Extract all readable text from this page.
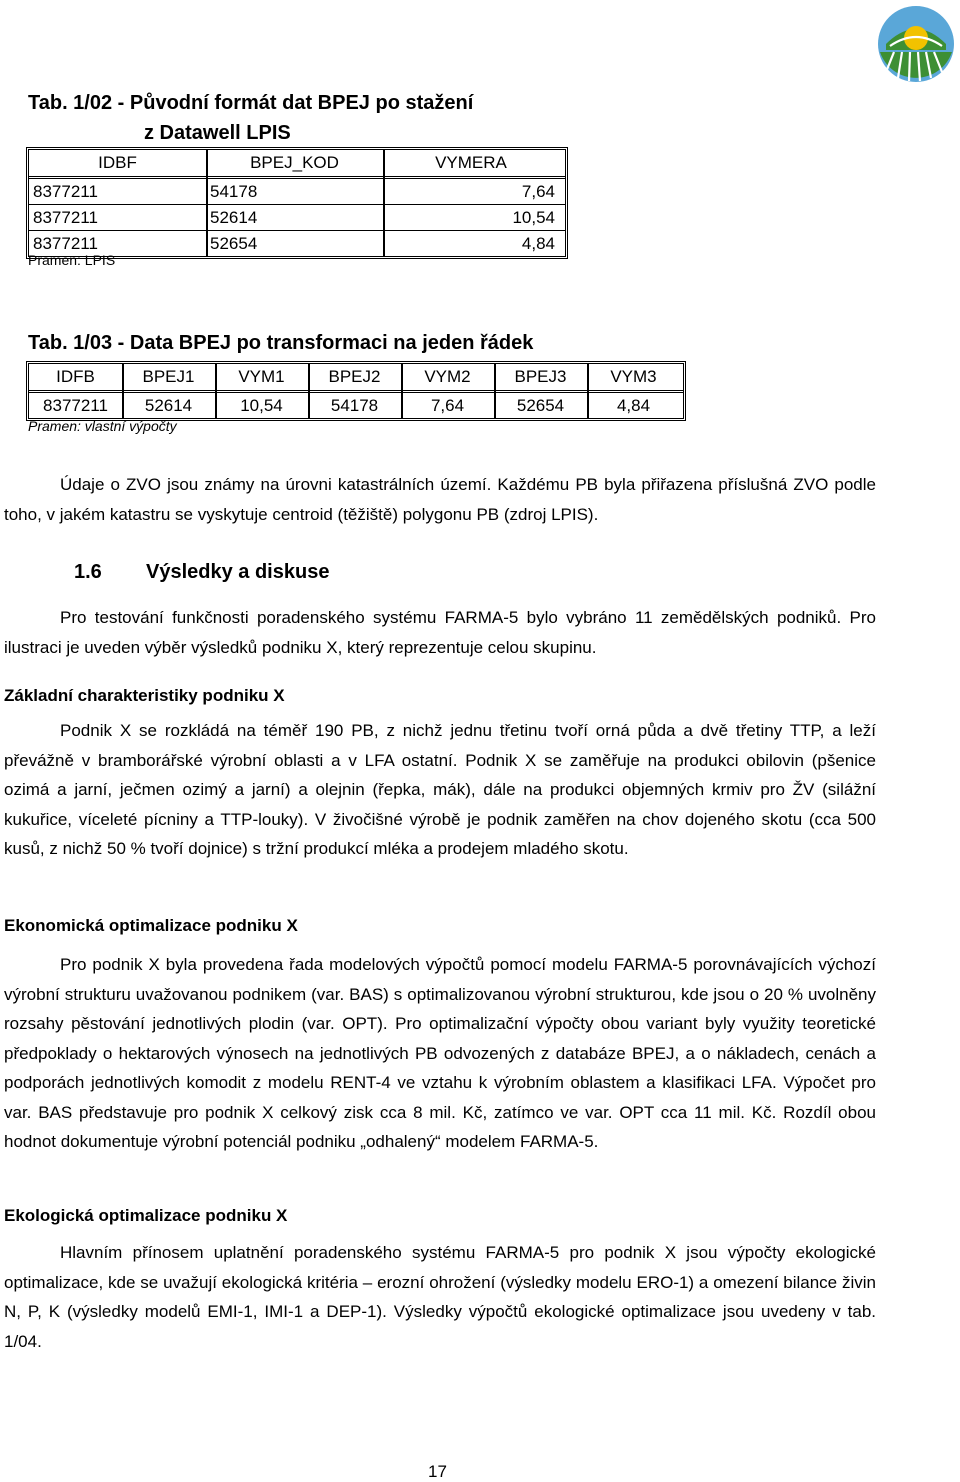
Tab. 1/02 - Původní formát dat BPEJ po stažení
z Datawell LPIS
IDBF	BPEJ_KOD	VYMERA
8377211	54178	7,64
8377211	52614	10,54
8377211	52654	4,84
Pramen: LPIS
Tab. 1/03 - Data BPEJ po transformaci na jeden řádek
IDFB	BPEJ1	VYM1	BPEJ2	VYM2	BPEJ3	VYM3
8377211	52614	10,54	54178	7,64	52654	4,84
Pramen: vlastní výpočty
Údaje o ZVO jsou známy na úrovni katastrálních území. Každému PB byla přiřazena příslušná ZVO podle toho, v jakém katastru se vyskytuje centroid (těžiště) polygonu PB (zdroj LPIS).
1.6 Výsledky a diskuse
Pro testování funkčnosti poradenského systému FARMA-5 bylo vybráno 11 zemědělských podniků. Pro ilustraci je uveden výběr výsledků podniku X, který reprezentuje celou skupinu.
Základní charakteristiky podniku X
Podnik X se rozkládá na téměř 190 PB, z nichž jednu třetinu tvoří orná půda a dvě třetiny TTP, a leží převážně v bramborářské výrobní oblasti a v LFA ostatní. Podnik X se zaměřuje na produkci obilovin (pšenice ozimá a jarní, ječmen ozimý a jarní) a olejnin (řepka, mák), dále na produkci objemných krmiv pro ŽV (silážní kukuřice, víceleté pícniny a TTP-louky). V živočišné výrobě je podnik zaměřen na chov dojeného skotu (cca 500 kusů, z nichž 50 % tvoří dojnice) s tržní produkcí mléka a prodejem mladého skotu.
Ekonomická optimalizace podniku X
Pro podnik X byla provedena řada modelových výpočtů pomocí modelu FARMA-5 porovnávajících výchozí výrobní strukturu uvažovanou podnikem (var. BAS) s optimalizovanou výrobní strukturou, kde jsou o 20 % uvolněny rozsahy pěstování jednotlivých plodin (var. OPT). Pro optimalizační výpočty obou variant byly využity teoretické předpoklady o hektarových výnosech na jednotlivých PB odvozených z databáze BPEJ, a o nákladech, cenách a podporách jednotlivých komodit z modelu RENT-4 ve vztahu k výrobním oblastem a klasifikaci LFA. Výpočet pro var. BAS představuje pro podnik X celkový zisk cca 8 mil. Kč, zatímco ve var. OPT cca 11 mil. Kč. Rozdíl obou hodnot dokumentuje výrobní potenciál podniku „odhalený“ modelem FARMA-5.
Ekologická optimalizace podniku X
Hlavním přínosem uplatnění poradenského systému FARMA-5 pro podnik X jsou výpočty ekologické optimalizace, kde se uvažují ekologická kritéria – erozní ohrožení (výsledky modelu ERO-1) a omezení bilance živin N, P, K (výsledky modelů EMI-1, IMI-1 a DEP-1). Výsledky výpočtů ekologické optimalizace jsou uvedeny v tab. 1/04.
17
